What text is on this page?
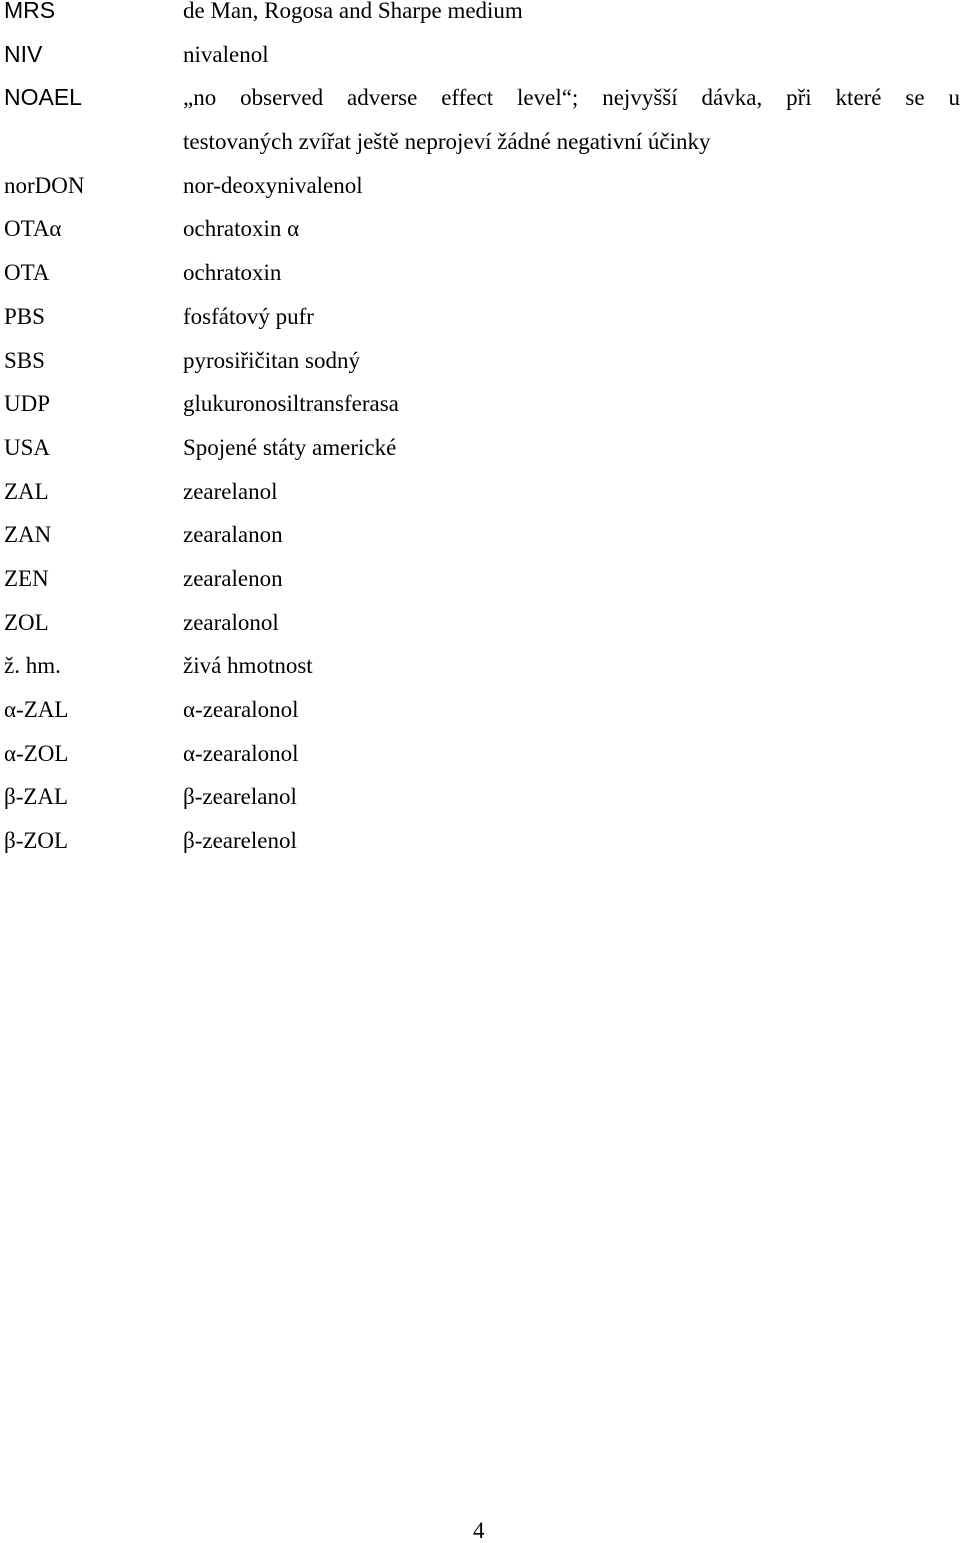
MRS	de Man, Rogosa and Sharpe medium
NIV	nivalenol
NOAEL	„no observed adverse effect level“; nejvyšší dávka, při které se u
testovaných zvířat ještě neprojeví žádné negativní účinky
norDON	nor-deoxynivalenol
OTAα	ochratoxin α
OTA	ochratoxin
PBS	fosfátový pufr
SBS	pyrosiřičitan sodný
UDP	glukuronosiltransferasa
USA	Spojené státy americké
ZAL	zearelanol
ZAN	zearalanon
ZEN	zearalenon
ZOL	zearalonol
ž. hm.	živá hmotnost
α-ZAL	α-zearalonol
α-ZOL	α-zearalonol
β-ZAL	β-zearelanol
β-ZOL	β-zearelenol
4
